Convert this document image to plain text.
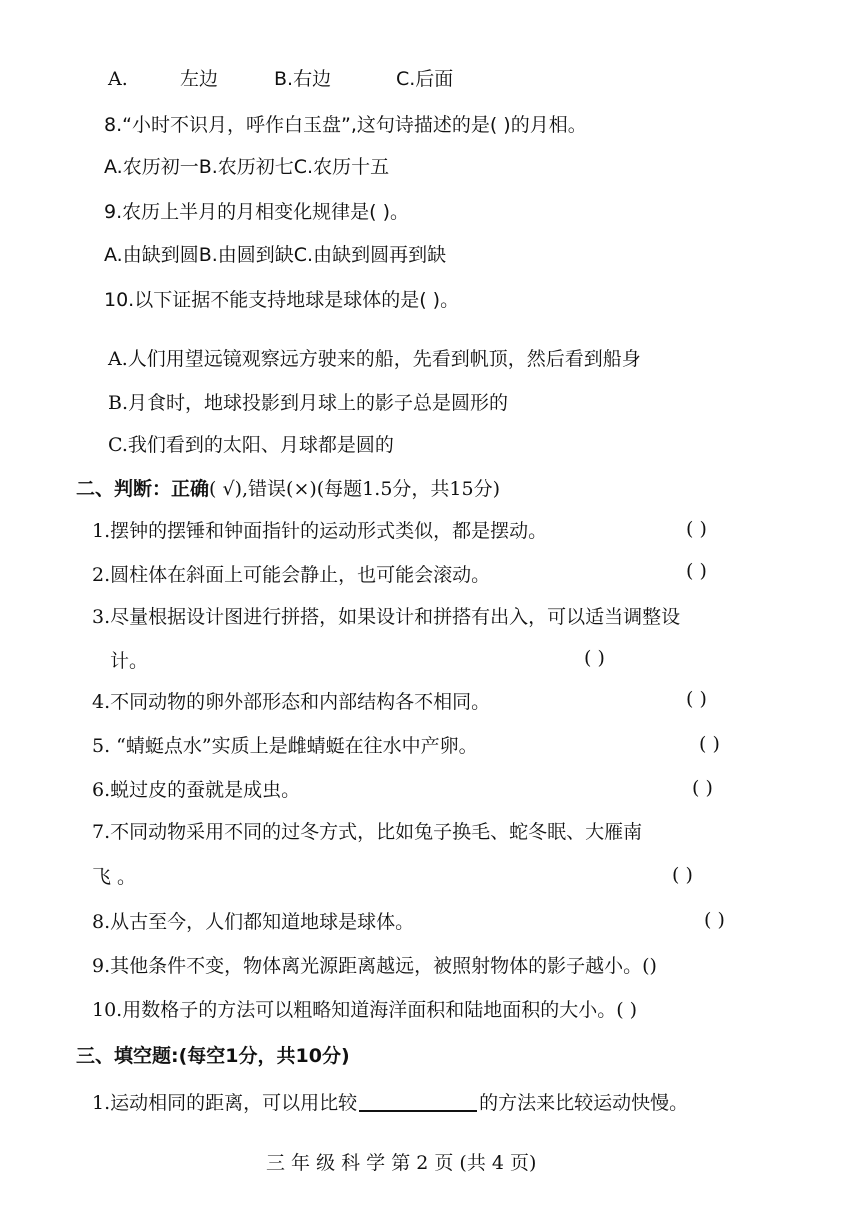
A.	左边	B.右边	C.后面
8.“小时不识月，呼作白玉盘”,这句诗描述的是( )的月相。
A.农历初一B.农历初七C.农历十五
9.农历上半月的月相变化规律是( )。
A.由缺到圆B.由圆到缺C.由缺到圆再到缺
10.以下证据不能支持地球是球体的是( )。
A.人们用望远镜观察远方驶来的船，先看到帆顶，然后看到船身
B.月食时，地球投影到月球上的影子总是圆形的
C.我们看到的太阳、月球都是圆的
二、判断：正确( √),错误(×)(每题1.5分，共15分)
1.摆钟的摆锤和钟面指针的运动形式类似，都是摆动。	( )
2.圆柱体在斜面上可能会静止，也可能会滚动。	( )
3.尽量根据设计图进行拼搭，如果设计和拼搭有出入，可以适当调整设
计。	( )
4.不同动物的卵外部形态和内部结构各不相同。	( )
5. “蜻蜓点水”实质上是雌蜻蜓在往水中产卵。	( )
6.蜕过皮的蚕就是成虫。	( )
7.不同动物采用不同的过冬方式，比如兔子换毛、蛇冬眠、大雁南
飞 。	( )
8.从古至今，人们都知道地球是球体。	( )
9.其他条件不变，物体离光源距离越远，被照射物体的影子越小。()
10.用数格子的方法可以粗略知道海洋面积和陆地面积的大小。( )
三、填空题:(每空1分，共10分)
1.运动相同的距离，可以用比较	的方法来比较运动快慢。
三 年 级 科 学 第 2 页 (共 4 页)
